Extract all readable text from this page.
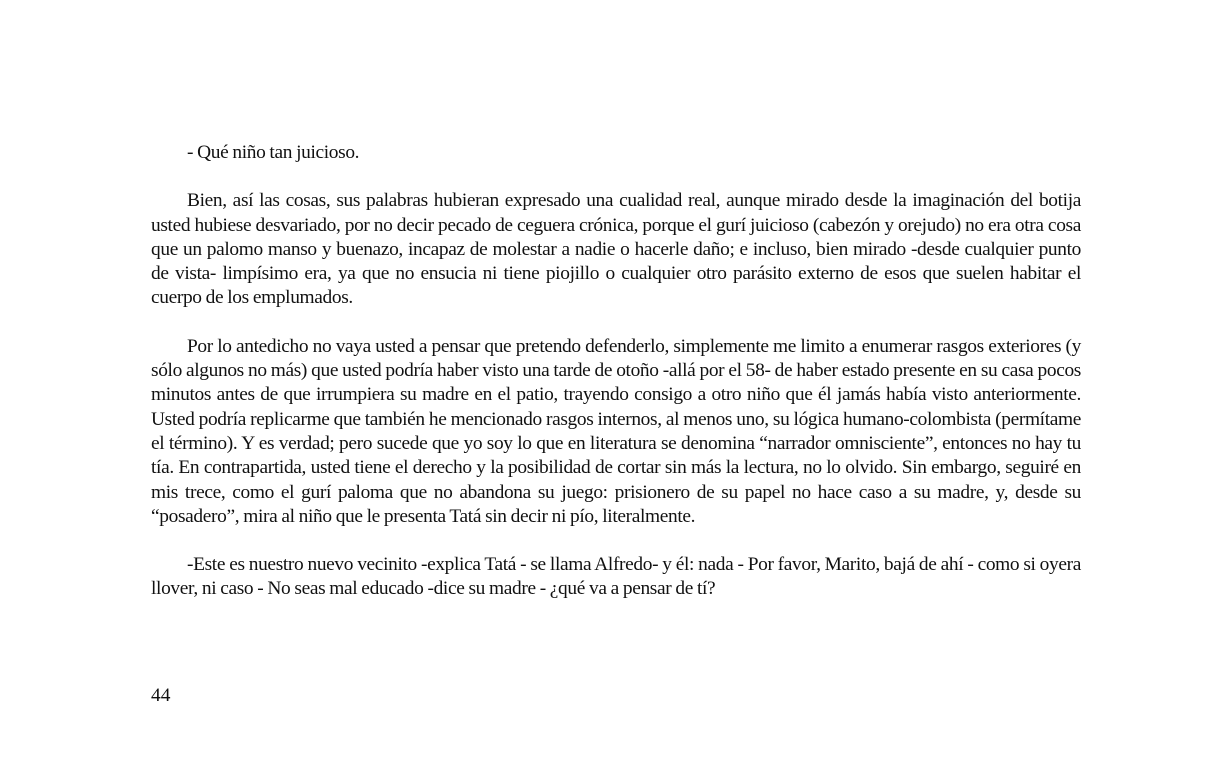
- Qué niño tan juicioso.

Bien, así las cosas, sus palabras hubieran expresado una cualidad real, aunque mirado desde la imaginación del botija usted hubiese desvariado, por no decir pecado de ceguera crónica, porque el gurí juicioso (cabezón y orejudo) no era otra cosa que un palomo manso y buenazo, incapaz de molestar a nadie o hacerle daño; e incluso, bien mirado -desde cualquier punto de vista- limpísimo era, ya que no ensucia ni tiene piojillo o cualquier otro parásito externo de esos que suelen habitar el cuerpo de los emplumados.

Por lo antedicho no vaya usted a pensar que pretendo defenderlo, simplemente me limito a enumerar rasgos exteriores (y sólo algunos no más) que usted podría haber visto una tarde de otoño -allá por el 58- de haber estado presente en su casa pocos minutos antes de que irrumpiera su madre en el patio, trayendo consigo a otro niño que él jamás había visto anteriormente. Usted podría replicarme que también he mencionado rasgos internos, al menos uno, su lógica humano-colombista (permítame el término). Y es verdad; pero sucede que yo soy lo que en literatura se denomina “narrador omnisciente”, entonces no hay tu tía. En contrapartida, usted tiene el derecho y la posibilidad de cortar sin más la lectura, no lo olvido. Sin embargo, seguiré en mis trece, como el gurí paloma que no abandona su juego: prisionero de su papel no hace caso a su madre, y, desde su “posadero”, mira al niño que le presenta Tatá sin decir ni pío, literalmente.

-Este es nuestro nuevo vecinito -explica Tatá - se llama Alfredo- y él: nada - Por favor, Marito, bajá de ahí - como si oyera llover, ni caso - No seas mal educado -dice su madre - ¿qué va a pensar de tí?

44
